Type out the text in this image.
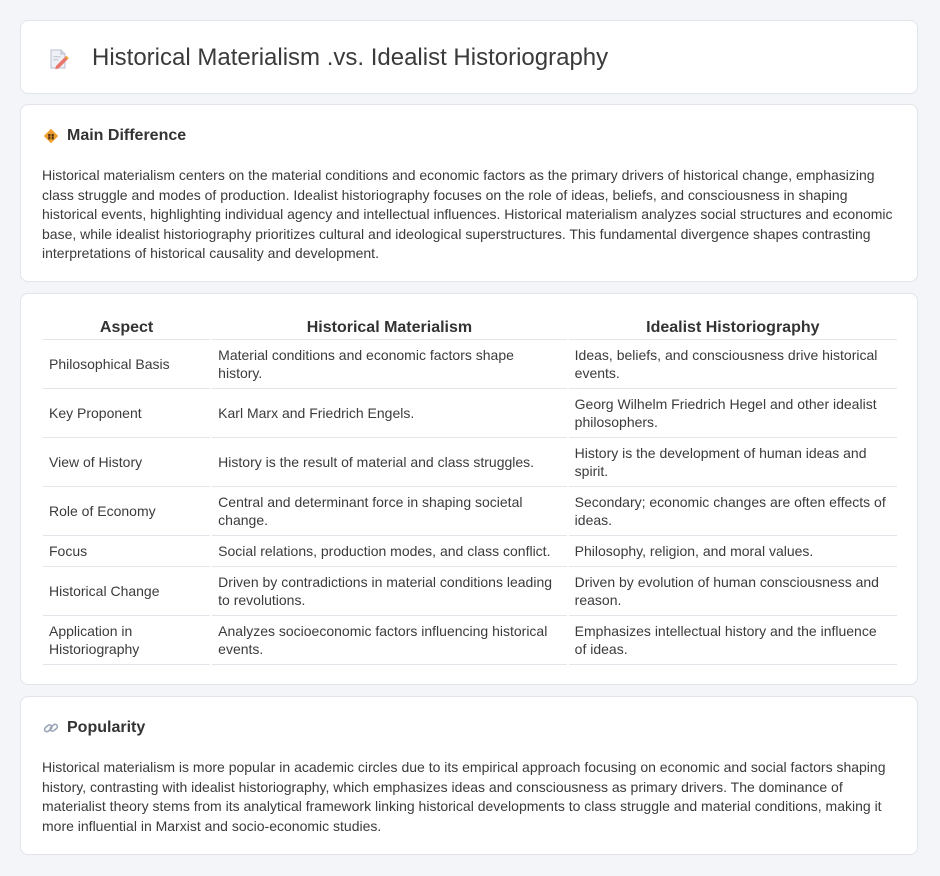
Historical Materialism .vs. Idealist Historiography
Main Difference

Historical materialism centers on the material conditions and economic factors as the primary drivers of historical change, emphasizing class struggle and modes of production. Idealist historiography focuses on the role of ideas, beliefs, and consciousness in shaping historical events, highlighting individual agency and intellectual influences. Historical materialism analyzes social structures and economic base, while idealist historiography prioritizes cultural and ideological superstructures. This fundamental divergence shapes contrasting interpretations of historical causality and development.

Aspect	Historical Materialism	Idealist Historiography
Philosophical Basis	Material conditions and economic factors shape history.	Ideas, beliefs, and consciousness drive historical events.
Key Proponent	Karl Marx and Friedrich Engels.	Georg Wilhelm Friedrich Hegel and other idealist philosophers.
View of History	History is the result of material and class struggles.	History is the development of human ideas and spirit.
Role of Economy	Central and determinant force in shaping societal change.	Secondary; economic changes are often effects of ideas.
Focus	Social relations, production modes, and class conflict.	Philosophy, religion, and moral values.
Historical Change	Driven by contradictions in material conditions leading to revolutions.	Driven by evolution of human consciousness and reason.
Application in Historiography	Analyzes socioeconomic factors influencing historical events.	Emphasizes intellectual history and the influence of ideas.
Popularity

Historical materialism is more popular in academic circles due to its empirical approach focusing on economic and social factors shaping history, contrasting with idealist historiography, which emphasizes ideas and consciousness as primary drivers. The dominance of materialist theory stems from its analytical framework linking historical developments to class struggle and material conditions, making it more influential in Marxist and socio-economic studies.
